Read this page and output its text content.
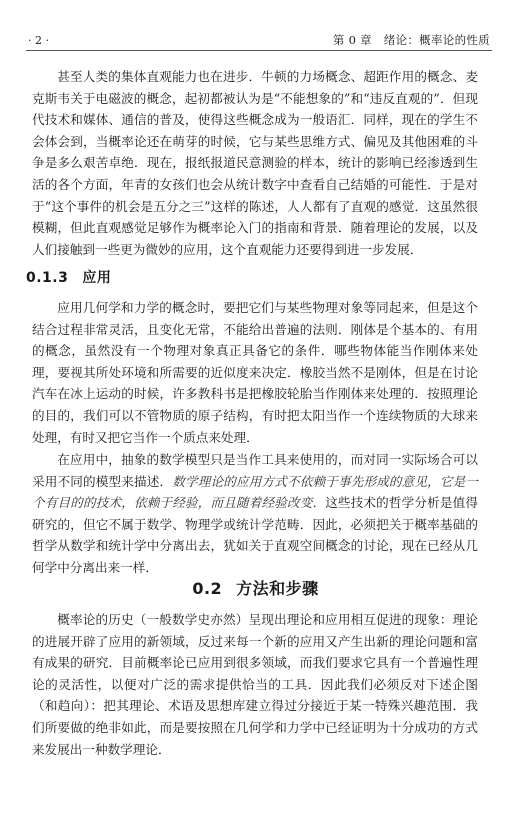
· 2 ·	第 0 章　绪论：概率论的性质

甚至人类的集体直观能力也在进步．牛顿的力场概念、超距作用的概念、麦克斯韦关于电磁波的概念，起初都被认为是“不能想象的”和“违反直观的”．但现代技术和媒体、通信的普及，使得这些概念成为一般语汇．同样，现在的学生不会体会到，当概率论还在萌芽的时候，它与某些思维方式、偏见及其他困难的斗争是多么艰苦卓绝．现在，报纸报道民意测验的样本，统计的影响已经渗透到生活的各个方面，年青的女孩们也会从统计数字中查看自己结婚的可能性．于是对于“这个事件的机会是五分之三”这样的陈述，人人都有了直观的感觉．这虽然很模糊，但此直观感觉足够作为概率论入门的指南和背景．随着理论的发展，以及人们接触到一些更为微妙的应用，这个直观能力还要得到进一步发展．

0.1.3 应用

应用几何学和力学的概念时，要把它们与某些物理对象等同起来，但是这个结合过程非常灵活，且变化无常，不能给出普遍的法则．刚体是个基本的、有用的概念，虽然没有一个物理对象真正具备它的条件．哪些物体能当作刚体来处理，要视其所处环境和所需要的近似度来决定．橡胶当然不是刚体，但是在讨论汽车在冰上运动的时候，许多教科书是把橡胶轮胎当作刚体来处理的．按照理论的目的，我们可以不管物质的原子结构，有时把太阳当作一个连续物质的大球来处理，有时又把它当作一个质点来处理．

在应用中，抽象的数学模型只是当作工具来使用的，而对同一实际场合可以采用不同的模型来描述．数学理论的应用方式不依赖于事先形成的意见，它是一个有目的的技术，依赖于经验，而且随着经验改变．这些技术的哲学分析是值得研究的，但它不属于数学、物理学或统计学范畴．因此，必须把关于概率基础的哲学从数学和统计学中分离出去，犹如关于直观空间概念的讨论，现在已经从几何学中分离出来一样．

0.2 方法和步骤

概率论的历史（一般数学史亦然）呈现出理论和应用相互促进的现象：理论的进展开辟了应用的新领域，反过来每一个新的应用又产生出新的理论问题和富有成果的研究．目前概率论已应用到很多领域，而我们要求它具有一个普遍性理论的灵活性，以便对广泛的需求提供恰当的工具．因此我们必须反对下述企图（和趋向）：把其理论、术语及思想库建立得过分接近于某一特殊兴趣范围．我们所要做的绝非如此，而是要按照在几何学和力学中已经证明为十分成功的方式来发展出一种数学理论．
